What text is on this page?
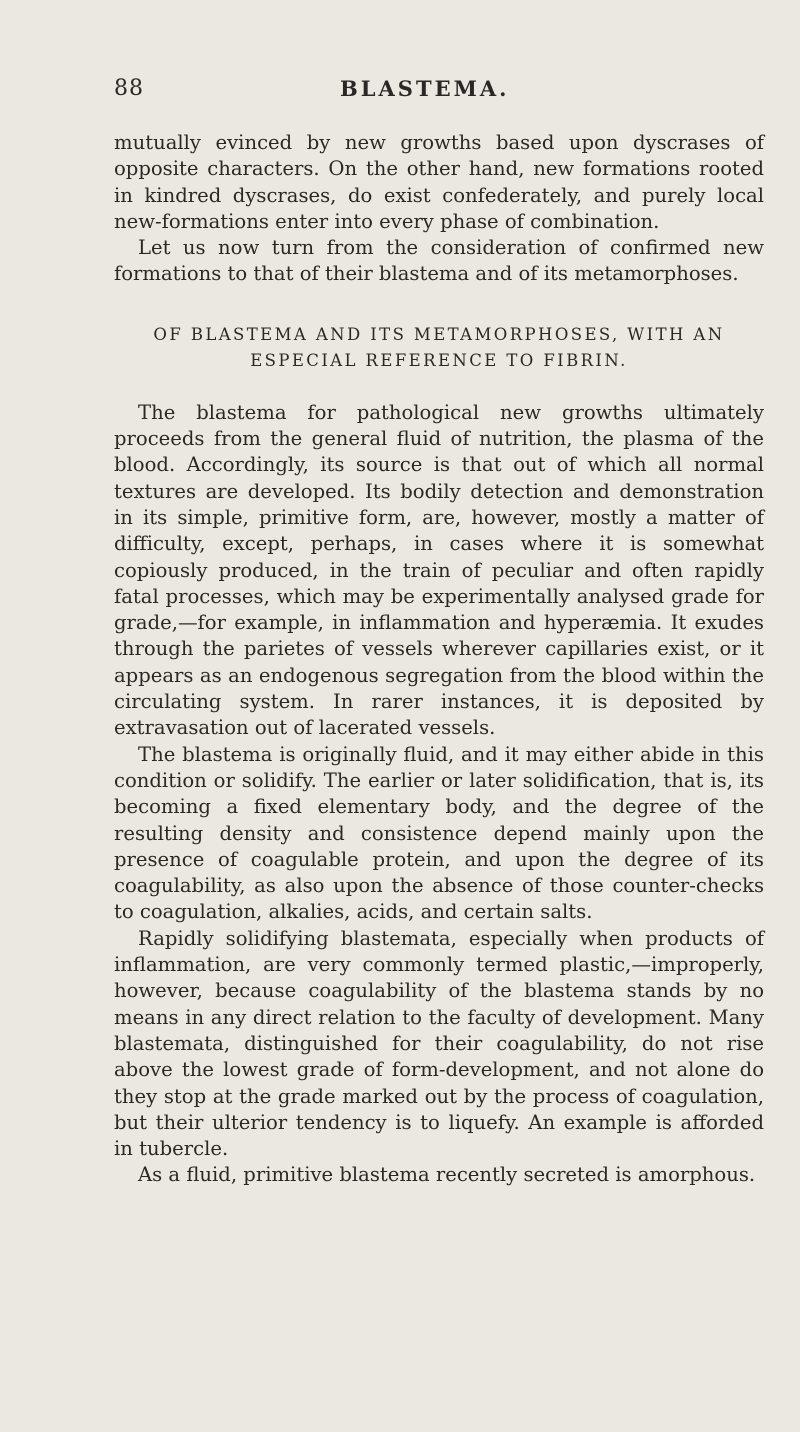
88	BLASTEMA.

mutually evinced by new growths based upon dyscrases of opposite characters. On the other hand, new formations rooted in kindred dyscrases, do exist confederately, and purely local new-formations enter into every phase of combination.

Let us now turn from the consideration of confirmed new formations to that of their blastema and of its metamorphoses.

OF BLASTEMA AND ITS METAMORPHOSES, WITH AN ESPECIAL REFERENCE TO FIBRIN.

The blastema for pathological new growths ultimately proceeds from the general fluid of nutrition, the plasma of the blood. Accordingly, its source is that out of which all normal textures are developed. Its bodily detection and demonstration in its simple, primitive form, are, however, mostly a matter of difficulty, except, perhaps, in cases where it is somewhat copiously produced, in the train of peculiar and often rapidly fatal processes, which may be experimentally analysed grade for grade,—for example, in inflammation and hyperæmia. It exudes through the parietes of vessels wherever capillaries exist, or it appears as an endogenous segregation from the blood within the circulating system. In rarer instances, it is deposited by extravasation out of lacerated vessels.

The blastema is originally fluid, and it may either abide in this condition or solidify. The earlier or later solidification, that is, its becoming a fixed elementary body, and the degree of the resulting density and consistence depend mainly upon the presence of coagulable protein, and upon the degree of its coagulability, as also upon the absence of those counter-checks to coagulation, alkalies, acids, and certain salts.

Rapidly solidifying blastemata, especially when products of inflammation, are very commonly termed plastic,—improperly, however, because coagulability of the blastema stands by no means in any direct relation to the faculty of development. Many blastemata, distinguished for their coagulability, do not rise above the lowest grade of form-development, and not alone do they stop at the grade marked out by the process of coagulation, but their ulterior tendency is to liquefy. An example is afforded in tubercle.

As a fluid, primitive blastema recently secreted is amorphous.
